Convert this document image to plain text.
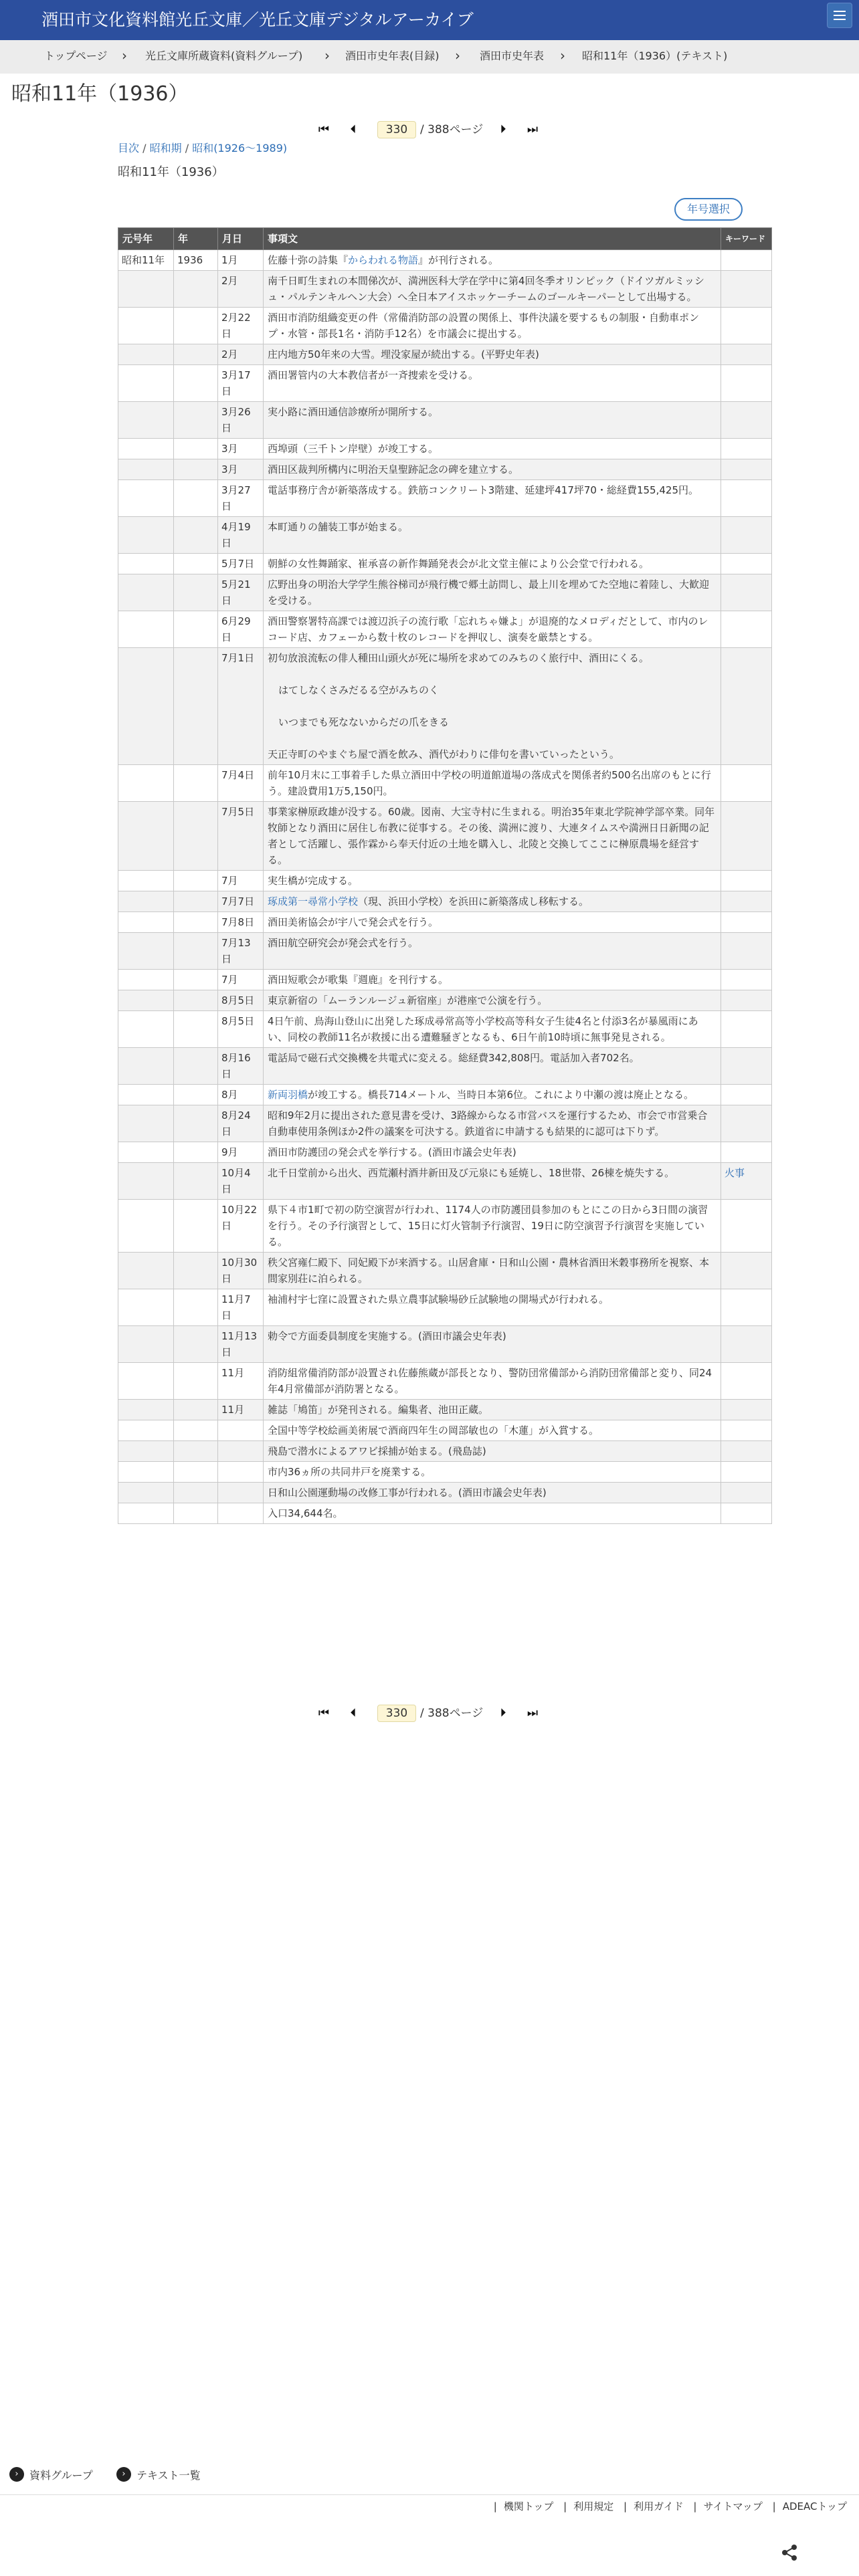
酒田市文化資料館光丘文庫／光丘文庫デジタルアーカイブ
トップページ › 光丘文庫所蔵資料(資料グループ) › 酒田市史年表(目録) › 酒田市史年表 › 昭和11年（1936）(テキスト)
昭和11年（1936）
⏮	⏴	330	/ 388ページ	⏵	⏭
目次 / 昭和期 / 昭和(1926〜1989)
昭和11年（1936）
年号選択
元号年	年	月日	事項文	キーワード
昭和11年	1936	1月	佐藤十弥の詩集『からわれる物語』が刊行される。	
		2月	南千日町生まれの本間俤次が、満洲医科大学在学中に第4回冬季オリンピック（ドイツガルミッシュ・パルテンキルヘン大会）へ全日本アイスホッケーチームのゴールキーパーとして出場する。	
		2月22日	酒田市消防組織変更の件（常備消防部の設置の関係上、事件決議を要するもの制服・自動車ポンプ・水管・部長1名・消防手12名）を市議会に提出する。	
		2月	庄内地方50年来の大雪。埋没家屋が続出する。(平野史年表)	
		3月17日	酒田署管内の大本教信者が一斉捜索を受ける。	
		3月26日	実小路に酒田通信診療所が開所する。	
		3月	西埠頭（三千トン岸壁）が竣工する。	
		3月	酒田区裁判所構内に明治天皇聖跡記念の碑を建立する。	
		3月27日	電話事務庁舎が新築落成する。鉄筋コンクリート3階建、延建坪417坪70・総経費155,425円。	
		4月19日	本町通りの舗装工事が始まる。	
		5月7日	朝鮮の女性舞踊家、崔承喜の新作舞踊発表会が北文堂主催により公会堂で行われる。	
		5月21日	広野出身の明治大学学生熊谷梯司が飛行機で郷土訪問し、最上川を埋めてた空地に着陸し、大歓迎を受ける。	
		6月29日	酒田警察署特高課では渡辺浜子の流行歌「忘れちゃ嫌よ」が退廃的なメロディだとして、市内のレコード店、カフェーから数十枚のレコードを押収し、演奏を厳禁とする。	
		7月1日	初句放浪流転の俳人種田山頭火が死に場所を求めてのみちのく旅行中、酒田にくる。

はてしなくさみだるる空がみちのく

いつまでも死なないからだの爪をきる

天正寺町のやまぐち屋で酒を飲み、酒代がわりに俳句を書いていったという。	

		7月4日	前年10月末に工事着手した県立酒田中学校の明道館道場の落成式を関係者約500名出席のもとに行う。建設費用1万5,150円。	
		7月5日	事業家榊原政雄が没する。60歳。図南、大宝寺村に生まれる。明治35年東北学院神学部卒業。同年牧師となり酒田に居住し布教に従事する。その後、満洲に渡り、大連タイムスや満洲日日新聞の記者として活躍し、張作霖から奉天付近の土地を購入し、北陵と交換してここに榊原農場を経営する。	
		7月	実生橋が完成する。	
		7月7日	琢成第一尋常小学校（現、浜田小学校）を浜田に新築落成し移転する。	
		7月8日	酒田美術協会が宇八で発会式を行う。	
		7月13日	酒田航空研究会が発会式を行う。	
		7月	酒田短歌会が歌集『週鹿』を刊行する。	
		8月5日	東京新宿の「ムーランルージュ新宿座」が港座で公演を行う。	
		8月5日	4日午前、鳥海山登山に出発した琢成尋常高等小学校高等科女子生徒4名と付添3名が暴風雨にあい、同校の教師11名が救援に出る遭難騒ぎとなるも、6日午前10時頃に無事発見される。	
		8月16日	電話局で磁石式交換機を共電式に変える。総経費342,808円。電話加入者702名。	
		8月	新両羽橋が竣工する。橋長714メートル、当時日本第6位。これにより中瀬の渡は廃止となる。	
		8月24日	昭和9年2月に提出された意見書を受け、3路線からなる市営バスを運行するため、市会で市営乗合自動車使用条例ほか2件の議案を可決する。鉄道省に申請するも結果的に認可は下りず。	
		9月	酒田市防護団の発会式を挙行する。(酒田市議会史年表)	
		10月4日	北千日堂前から出火、西荒瀬村酒井新田及び元泉にも延焼し、18世帯、26棟を焼失する。	火事
		10月22日	県下４市1町で初の防空演習が行われ、1174人の市防護団員参加のもとにこの日から3日間の演習を行う。その予行演習として、15日に灯火管制予行演習、19日に防空演習予行演習を実施している。	
		10月30日	秩父宮雍仁殿下、同妃殿下が来酒する。山居倉庫・日和山公園・農林省酒田米穀事務所を視察、本間家別荘に泊られる。	
		11月7日	袖浦村宇七窪に設置された県立農事試験場砂丘試験地の開場式が行われる。	
		11月13日	勅令で方面委員制度を実施する。(酒田市議会史年表)	
		11月	消防組常備消防部が設置され佐藤熊蔵が部長となり、警防団常備部から消防団常備部と変り、同24年4月常備部が消防署となる。	
		11月	雑誌「鳩笛」が発刊される。編集者、池田正蔵。	
			全国中等学校絵画美術展で酒商四年生の岡部敏也の「木蓮」が入賞する。	
			飛島で潜水によるアワビ採捕が始まる。(飛島誌)	
			市内36ヵ所の共同井戸を廃業する。	
			日和山公園運動場の改修工事が行われる。(酒田市議会史年表)	
			入口34,644名。	
⏮	⏴	330	/ 388ページ	⏵	⏭
›	資料グループ	›	テキスト一覧
| 機関トップ | 利用規定 | 利用ガイド | サイトマップ | ADEACトップ
